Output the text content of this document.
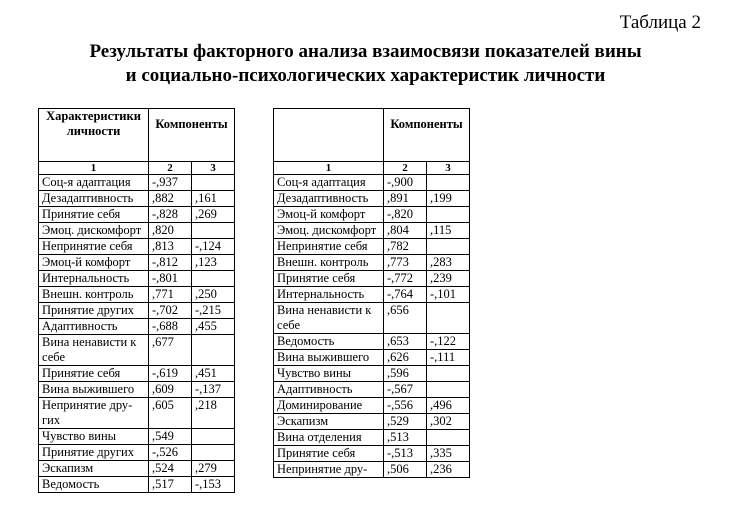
Таблица 2
Результаты факторного анализа взаимосвязи показателей вины
и социально-психологических характеристик личности
Характеристики личности	Компоненты	
1	2	3
Соц-я адаптация	-,937	
Дезадаптивность	,882	,161
Принятие себя	-,828	,269
Эмоц. дискомфорт	,820	
Непринятие себя	,813	-,124
Эмоц-й комфорт	-,812	,123
Интернальность	-,801	
Внешн. контроль	,771	,250
Принятие других	-,702	-,215
Адаптивность	-,688	,455
Вина ненависти к себе	,677	
Принятие себя	-,619	,451
Вина выжившего	,609	-,137
Непринятие дру-гих	,605	,218
Чувство вины	,549	
Принятие других	-,526	
Эскапизм	,524	,279
Ведомость	,517	-,153
	Компоненты	
1	2	3
Соц-я адаптация	-,900	
Дезадаптивность	,891	,199
Эмоц-й комфорт	-,820	
Эмоц. дискомфорт	,804	,115
Непринятие себя	,782	
Внешн. контроль	,773	,283
Принятие себя	-,772	,239
Интернальность	-,764	-,101
Вина ненависти к себе	,656	
Ведомость	,653	-,122
Вина выжившего	,626	-,111
Чувство вины	,596	
Адаптивность	-,567	
Доминирование	-,556	,496
Эскапизм	,529	,302
Вина отделения	,513	
Принятие себя	-,513	,335
Непринятие дру-	,506	,236
